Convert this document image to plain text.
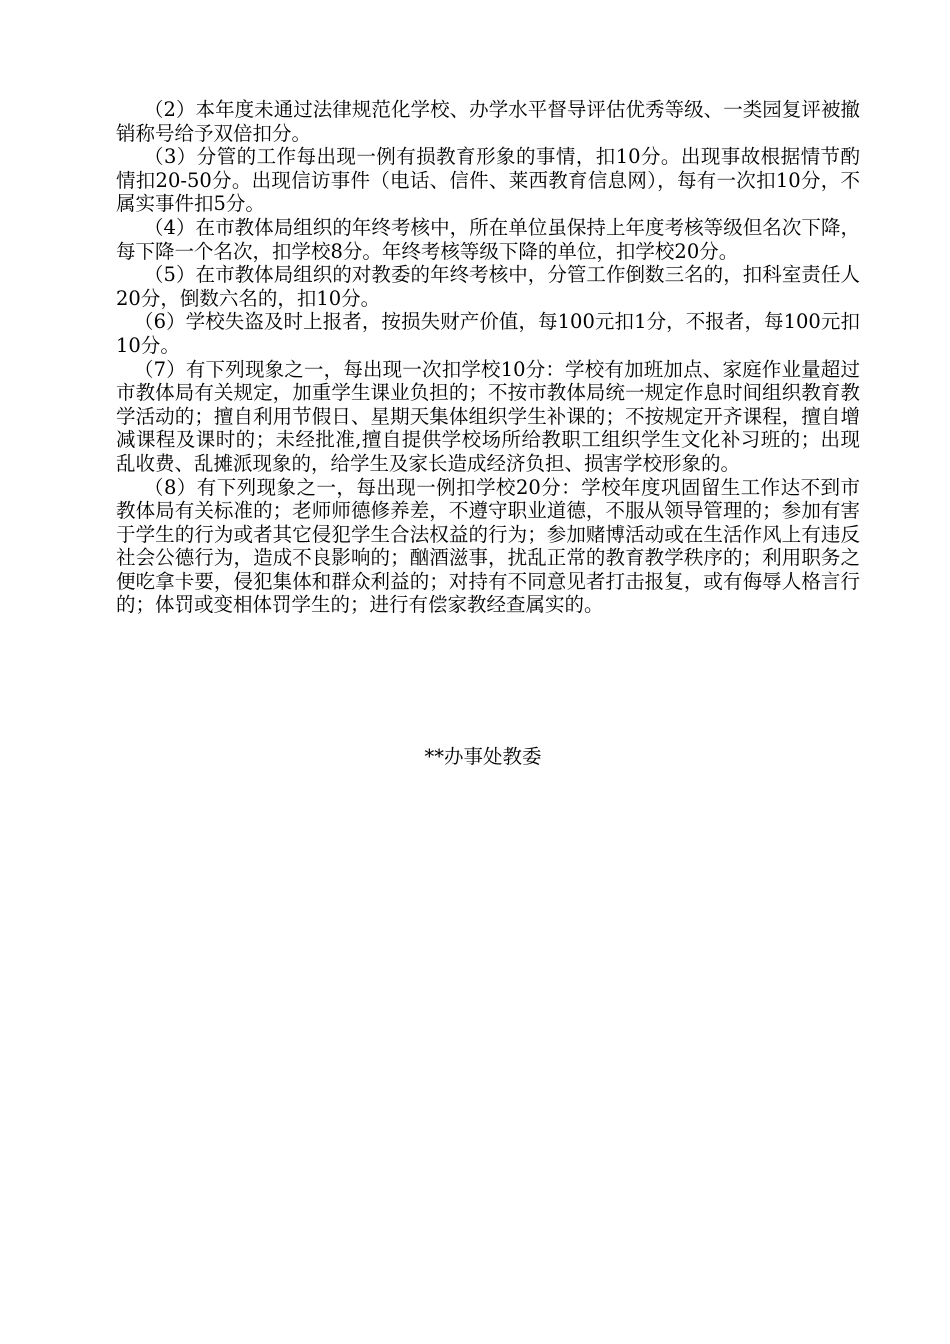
（2）本年度未通过法律规范化学校、办学水平督导评估优秀等级、一类园复评被撤销称号给予双倍扣分。

（3）分管的工作每出现一例有损教育形象的事情，扣10分。出现事故根据情节酌情扣20-50分。出现信访事件（电话、信件、莱西教育信息网），每有一次扣10分，不属实事件扣5分。

（4）在市教体局组织的年终考核中，所在单位虽保持上年度考核等级但名次下降，每下降一个名次，扣学校8分。年终考核等级下降的单位，扣学校20分。

（5）在市教体局组织的对教委的年终考核中，分管工作倒数三名的，扣科室责任人20分，倒数六名的，扣10分。

（6）学校失盗及时上报者，按损失财产价值，每100元扣1分，不报者，每100元扣10分。

（7）有下列现象之一，每出现一次扣学校10分：学校有加班加点、家庭作业量超过市教体局有关规定，加重学生课业负担的；不按市教体局统一规定作息时间组织教育教学活动的；擅自利用节假日、星期天集体组织学生补课的；不按规定开齐课程，擅自增减课程及课时的；未经批准,擅自提供学校场所给教职工组织学生文化补习班的；出现乱收费、乱摊派现象的，给学生及家长造成经济负担、损害学校形象的。

（8）有下列现象之一，每出现一例扣学校20分：学校年度巩固留生工作达不到市教体局有关标准的；老师师德修养差，不遵守职业道德，不服从领导管理的；参加有害于学生的行为或者其它侵犯学生合法权益的行为；参加赌博活动或在生活作风上有违反社会公德行为，造成不良影响的；酗酒滋事，扰乱正常的教育教学秩序的；利用职务之便吃拿卡要，侵犯集体和群众利益的；对持有不同意见者打击报复，或有侮辱人格言行的；体罚或变相体罚学生的；进行有偿家教经查属实的。

**办事处教委
